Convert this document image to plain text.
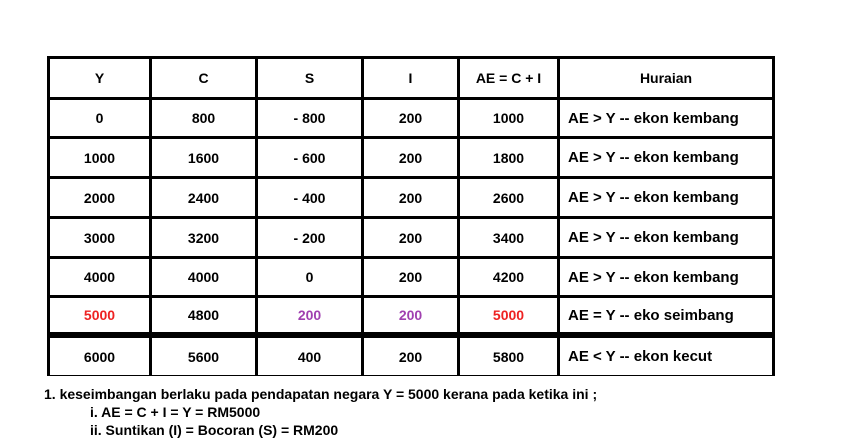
Y	C	S	I	AE = C + I	Huraian
0	800	- 800	200	1000	AE > Y -- ekon kembang
1000	1600	- 600	200	1800	AE > Y -- ekon kembang
2000	2400	- 400	200	2600	AE > Y -- ekon kembang
3000	3200	- 200	200	3400	AE > Y -- ekon kembang
4000	4000	0	200	4200	AE > Y -- ekon kembang
5000	4800	200	200	5000	AE = Y -- eko seimbang
6000	5600	400	200	5800	AE < Y -- ekon kecut
1. keseimbangan berlaku pada pendapatan negara Y = 5000 kerana pada ketika ini ;
i. AE = C + I = Y = RM5000
ii. Suntikan (I) = Bocoran (S) = RM200
